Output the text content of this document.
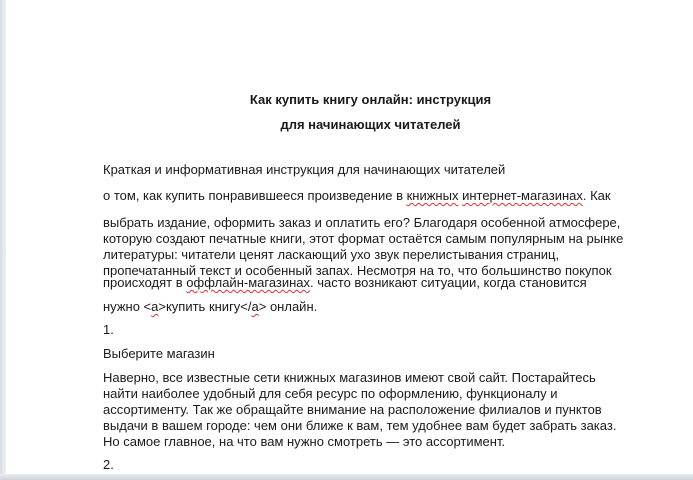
Как купить книгу онлайн: инструкция
для начинающих читателей
Краткая и информативная инструкция для начинающих читателей
о том, как купить понравившееся произведение в книжных интернет-магазинах. Как
выбрать издание, оформить заказ и оплатить его? Благодаря особенной атмосфере,
которую создают печатные книги, этот формат остаётся самым популярным на рынке
литературы: читатели ценят ласкающий ухо звук перелистывания страниц,
пропечатанный текст и особенный запах. Несмотря на то, что большинство покупок
происходят в оффлайн-магазинах. часто возникают ситуации, когда становится
нужно <a>купить книгу</a> онлайн.
1.
Выберите магазин
Наверно, все известные сети книжных магазинов имеют свой сайт. Постарайтесь
найти наиболее удобный для себя ресурс по оформлению, функционалу и
ассортименту. Так же обращайте внимание на расположение филиалов и пунктов
выдачи в вашем городе: чем они ближе к вам, тем удобнее вам будет забрать заказ.
Но самое главное, на что вам нужно смотреть — это ассортимент.
2.
